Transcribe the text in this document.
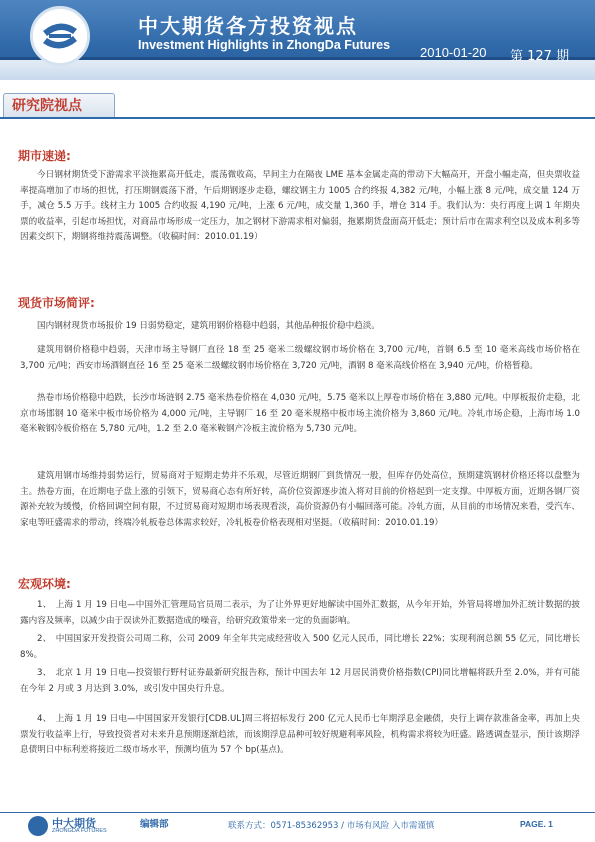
中大期货各方投资视点
Investment Highlights in ZhongDa Futures 2010-01-20 第 127 期
研究院视点
期市速递:

今日钢材期货受下游需求平淡拖累高开低走，震荡微收高，早间主力在隔夜 LME 基本金属走高的带动下大幅高开，开盘小幅走高，但央票收益率提高增加了市场的担忧，打压期钢震荡下滑，午后期钢逐步走稳，螺纹钢主力 1005 合约终报 4,382 元/吨，小幅上涨 8 元/吨，成交量 124 万手，减仓 5.5 万手。线材主力 1005 合约收报 4,190 元/吨，上涨 6 元/吨，成交量 1,360 手，增仓 314 手。我们认为：央行再度上调 1 年期央票的收益率，引起市场担忧，对商品市场形成一定压力，加之钢材下游需求相对偏弱，拖累期货盘面高开低走；预计后市在需求利空以及成本利多等因素交织下，期钢将维持震荡调整。（收稿时间：2010.01.19）

现货市场简评:

国内钢材现货市场报价 19 日弱势稳定，建筑用钢价格稳中趋弱，其他品种报价稳中趋淡。

建筑用钢价格稳中趋弱，天津市场主导钢厂直径 18 至 25 毫米二级螺纹钢市场价格在 3,700 元/吨，首钢 6.5 至 10 毫米高线市场价格在 3,700 元/吨；西安市场酒钢直径 16 至 25 毫米二级螺纹钢市场价格在 3,720 元/吨，酒钢 8 毫米高线价格在 3,940 元/吨，价格暂稳。

热卷市场价格稳中趋跌，长沙市场涟钢 2.75 毫米热卷价格在 4,030 元/吨，5.75 毫米以上厚卷市场价格在 3,880 元/吨。中厚板报价走稳，北京市场邯钢 10 毫米中板市场价格为 4,000 元/吨，主导钢厂 16 至 20 毫米规格中板市场主流价格为 3,860 元/吨。冷轧市场企稳，上海市场 1.0 毫米鞍钢冷板价格在 5,780 元/吨，1.2 至 2.0 毫米鞍钢产冷板主流价格为 5,730 元/吨。

建筑用钢市场维持弱势运行，贸易商对于短期走势并不乐观，尽管近期钢厂到货情况一般，但库存仍处高位，预期建筑钢材价格还将以盘整为主。热卷方面，在近期电子盘上涨的引领下，贸易商心态有所好转，高价位资源逐步流入将对目前的价格起到一定支撑。中厚板方面，近期各钢厂资源补充较为缓慢，价格回调空间有限，不过贸易商对短期市场表现看淡，高价资源仍有小幅回落可能。冷轧方面，从目前的市场情况来看，受汽车、家电等旺盛需求的带动，终端冷轧板卷总体需求较好，冷轧板卷价格表现相对坚挺。（收稿时间：2010.01.19）

宏观环境:

1、　上海 1 月 19 日电—中国外汇管理局官员周二表示，为了让外界更好地解读中国外汇数据，从今年开始，外管局将增加外汇统计数据的披露内容及频率，以减少由于误读外汇数据造成的噪音，给研究政策带来一定的负面影响。

2、　中国国家开发投资公司周二称，公司 2009 年全年共完成经营收入 500 亿元人民币，同比增长 22%；实现利润总额 55 亿元，同比增长 8%。

3、　北京 1 月 19 日电—投资银行野村证券最新研究报告称，预计中国去年 12 月居民消费价格指数(CPI)同比增幅将跃升至 2.0%，并有可能在今年 2 月或 3 月达到 3.0%，或引发中国央行升息。

4、　上海 1 月 19 日电—中国国家开发银行[CDB.UL]周三将招标发行 200 亿元人民币七年期浮息金融债，央行上调存款准备金率，再加上央票发行收益率上行，导致投资者对未来升息预期逐渐趋浓，而该期浮息品种可较好规避利率风险，机构需求将较为旺盛。路透调查显示，预计该期浮息债明日中标利差将接近二级市场水平，预测均值为 57 个 bp(基点)。

中大期货
ZHONGDA FUTURES
编辑部	联系方式：0571-85362953 / 市场有风险 入市需谨慎	PAGE. 1
